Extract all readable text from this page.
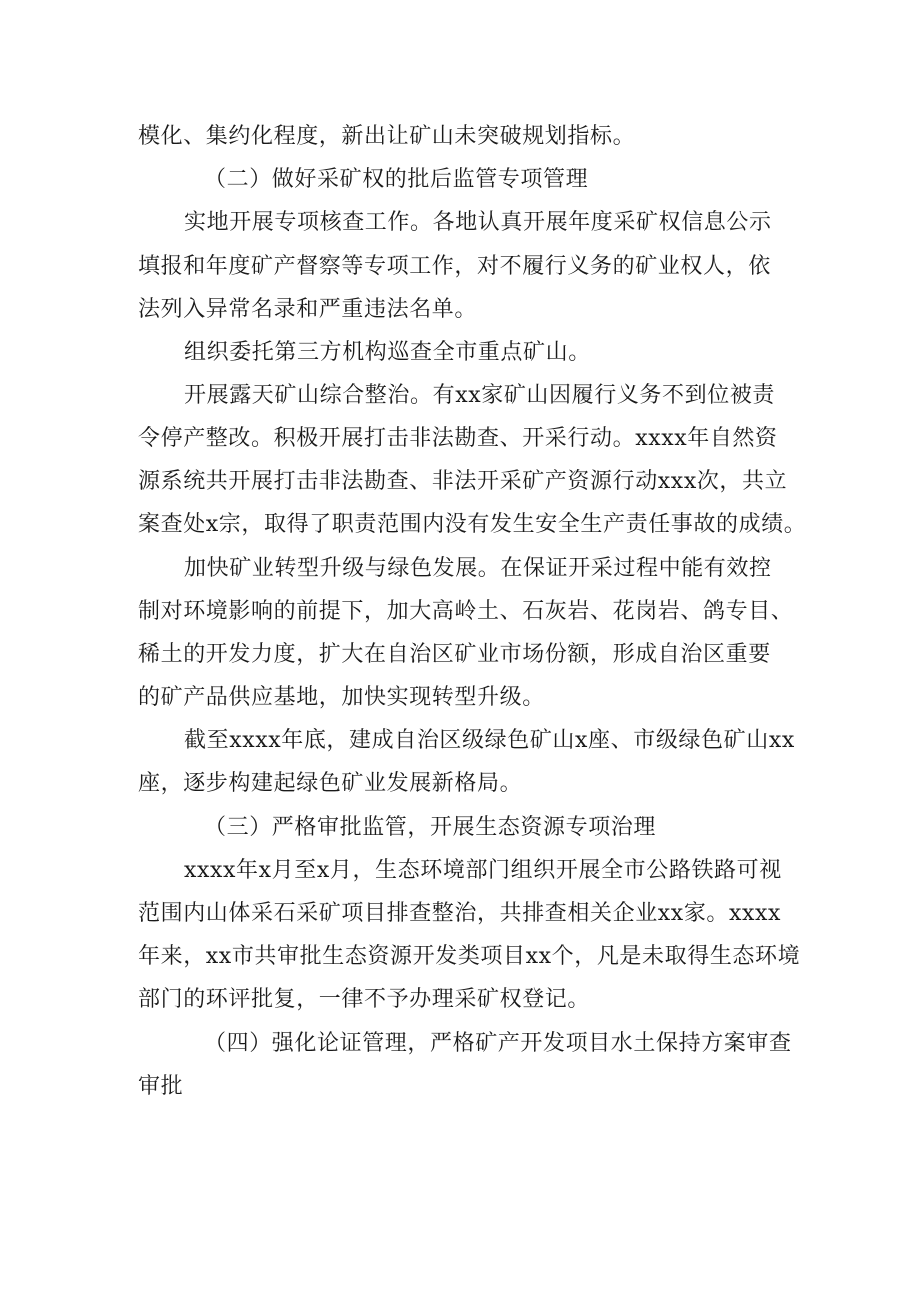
模化、集约化程度，新出让矿山未突破规划指标。
（二）做好采矿权的批后监管专项管理
实地开展专项核查工作。各地认真开展年度采矿权信息公示
填报和年度矿产督察等专项工作，对不履行义务的矿业权人，依
法列入异常名录和严重违法名单。
组织委托第三方机构巡查全市重点矿山。
开展露天矿山综合整治。有xx家矿山因履行义务不到位被责
令停产整改。积极开展打击非法勘查、开采行动。xxxx年自然资
源系统共开展打击非法勘查、非法开采矿产资源行动xxx次，共立
案查处x宗，取得了职责范围内没有发生安全生产责任事故的成绩。
加快矿业转型升级与绿色发展。在保证开采过程中能有效控
制对环境影响的前提下，加大高岭土、石灰岩、花岗岩、鸽专目、
稀土的开发力度，扩大在自治区矿业市场份额，形成自治区重要
的矿产品供应基地，加快实现转型升级。
截至xxxx年底，建成自治区级绿色矿山x座、市级绿色矿山xx
座，逐步构建起绿色矿业发展新格局。
（三）严格审批监管，开展生态资源专项治理
xxxx年x月至x月，生态环境部门组织开展全市公路铁路可视
范围内山体采石采矿项目排查整治，共排查相关企业xx家。xxxx
年来，xx市共审批生态资源开发类项目xx个，凡是未取得生态环境
部门的环评批复，一律不予办理采矿权登记。
（四）强化论证管理，严格矿产开发项目水土保持方案审查
审批
